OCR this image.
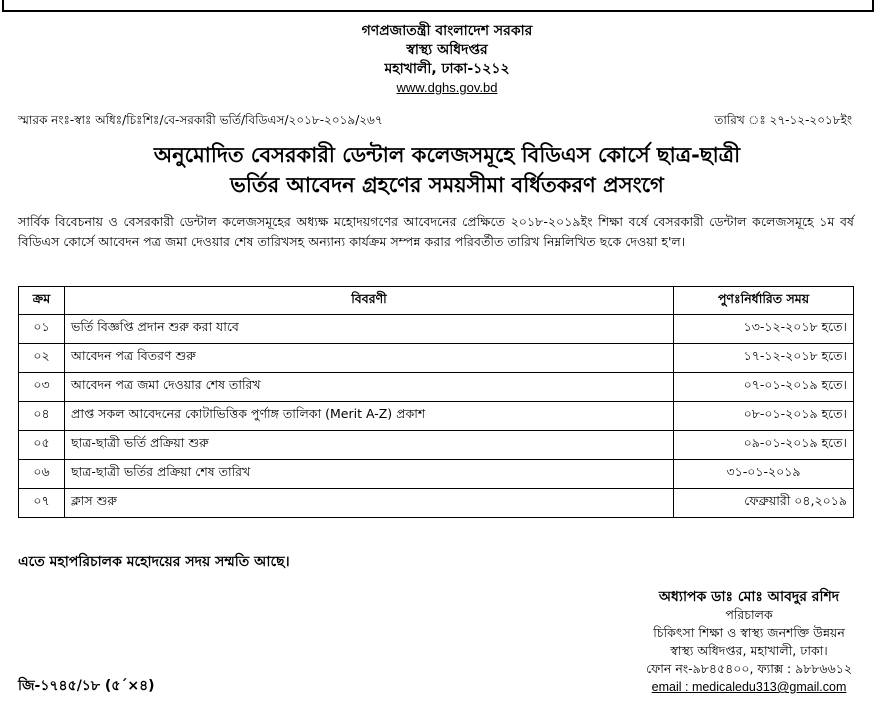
গণপ্রজাতন্ত্রী বাংলাদেশ সরকার
স্বাস্থ্য অধিদপ্তর
মহাখালী, ঢাকা-১২১২
www.dghs.gov.bd
স্মারক নংঃ-স্বাঃ অধিঃ/চিঃশিঃ/বে-সরকারী ভর্তি/বিডিএস/২০১৮-২০১৯/২৬৭	তারিখ ঃ ২৭-১২-২০১৮ইং
অনুমোদিত বেসরকারী ডেন্টাল কলেজসমূহে বিডিএস কোর্সে ছাত্র-ছাত্রী
ভর্তির আবেদন গ্রহণের সময়সীমা বর্ধিতকরণ প্রসংগে
সার্বিক বিবেচনায় ও বেসরকারী ডেন্টাল কলেজসমূহের অধ্যক্ষ মহোদয়গণের আবেদনের প্রেক্ষিতে ২০১৮-২০১৯ইং শিক্ষা বর্ষে বেসরকারী ডেন্টাল কলেজসমূহে ১ম বর্ষ বিডিএস কোর্সে আবেদন পত্র জমা দেওয়ার শেষ তারিখসহ অন্যান্য কার্যক্রম সম্পন্ন করার পরিবর্তীত তারিখ নিম্নলিখিত ছকে দেওয়া হ'ল।
ক্রম	বিবরণী	পুণঃনির্ধারিত সময়
০১	ভর্তি বিজ্ঞপ্তি প্রদান শুরু করা যাবে	১৩-১২-২০১৮ হতে।
০২	আবেদন পত্র বিতরণ শুরু	১৭-১২-২০১৮ হতে।
০৩	আবেদন পত্র জমা দেওয়ার শেষ তারিখ	০৭-০১-২০১৯ হতে।
০৪	প্রাপ্ত সকল আবেদনের কোটাভিত্তিক পুর্ণাঙ্গ তালিকা (Merit A-Z) প্রকাশ	০৮-০১-২০১৯ হতে।
০৫	ছাত্র-ছাত্রী ভর্তি প্রক্রিয়া শুরু	০৯-০১-২০১৯ হতে।
০৬	ছাত্র-ছাত্রী ভর্তির প্রক্রিয়া শেষ তারিখ	৩১-০১-২০১৯
০৭	ক্লাস শুরু	ফেব্রুয়ারী ০৪,২০১৯
এতে মহাপরিচালক মহোদয়ের সদয় সম্মতি আছে।
অধ্যাপক ডাঃ মোঃ আবদুর রশিদ
পরিচালক
চিকিৎসা শিক্ষা ও স্বাস্থ্য জনশক্তি উন্নয়ন
স্বাস্থ্য অধিদপ্তর, মহাখালী, ঢাকা।
ফোন নং-৯৮৪৫৪০০, ফ্যাক্স : ৯৮৮৬৬১২
email : medicaledu313@gmail.com
জি-১৭৪৫/১৮ (৫´×৪)
